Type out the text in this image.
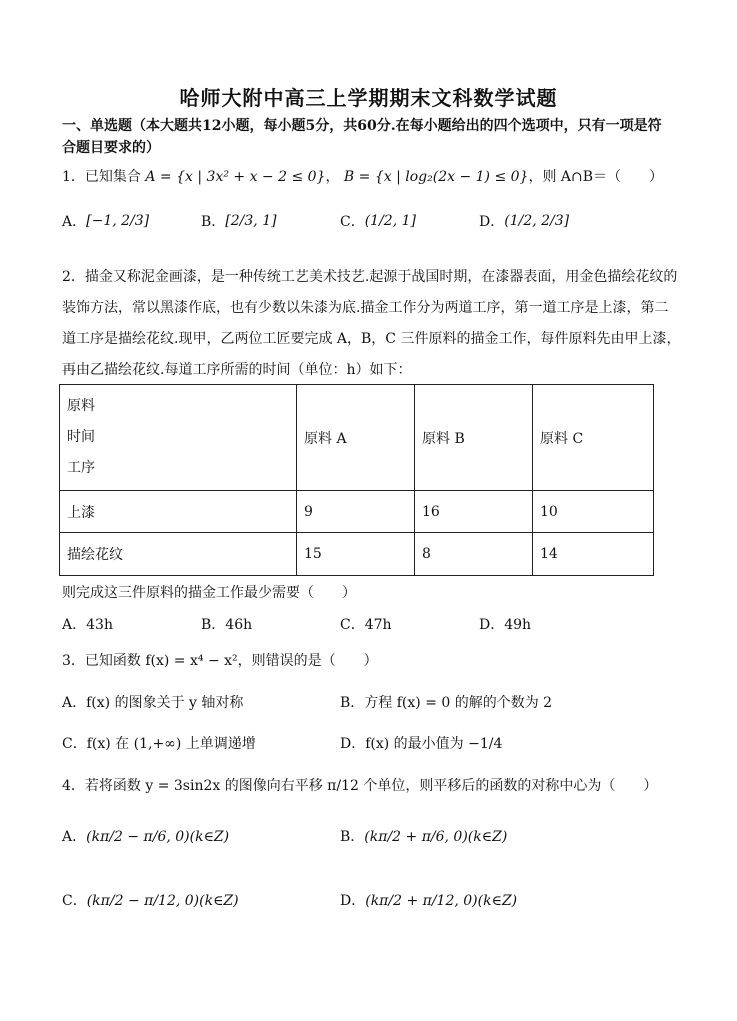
哈师大附中高三上学期期末文科数学试题
一、单选题（本大题共12小题，每小题5分，共60分.在每小题给出的四个选项中，只有一项是符
合题目要求的）
1．已知集合 A = {x | 3x² + x − 2 ≤ 0}， B = {x | log₂(2x − 1) ≤ 0}，则 A∩B＝（　　）
A． [−1, 2/3]	B． [2/3, 1]	C． (1/2, 1]	D． (1/2, 2/3]
2．描金又称泥金画漆，是一种传统工艺美术技艺.起源于战国时期，在漆器表面，用金色描绘花纹的
装饰方法，常以黑漆作底，也有少数以朱漆为底.描金工作分为两道工序，第一道工序是上漆，第二
道工序是描绘花纹.现甲，乙两位工匠要完成 A，B，C 三件原料的描金工作，每件原料先由甲上漆，
再由乙描绘花纹.每道工序所需的时间（单位：h）如下：
原料
时间
工序	原料 A	原料 B	原料 C
上漆	9	16	10
描绘花纹	15	8	14
则完成这三件原料的描金工作最少需要（　　）
A．43h	B．46h	C．47h	D．49h
3．已知函数 f(x) = x⁴ − x²，则错误的是（　　）
A．f(x) 的图象关于 y 轴对称	B．方程 f(x) = 0 的解的个数为 2
C．f(x) 在 (1,+∞) 上单调递增	D．f(x) 的最小值为 −1/4
4．若将函数 y = 3sin2x 的图像向右平移 π/12 个单位，则平移后的函数的对称中心为（　　）
A．(kπ/2 − π/6, 0)(k∈Z)	B．(kπ/2 + π/6, 0)(k∈Z)
C．(kπ/2 − π/12, 0)(k∈Z)	D．(kπ/2 + π/12, 0)(k∈Z)
